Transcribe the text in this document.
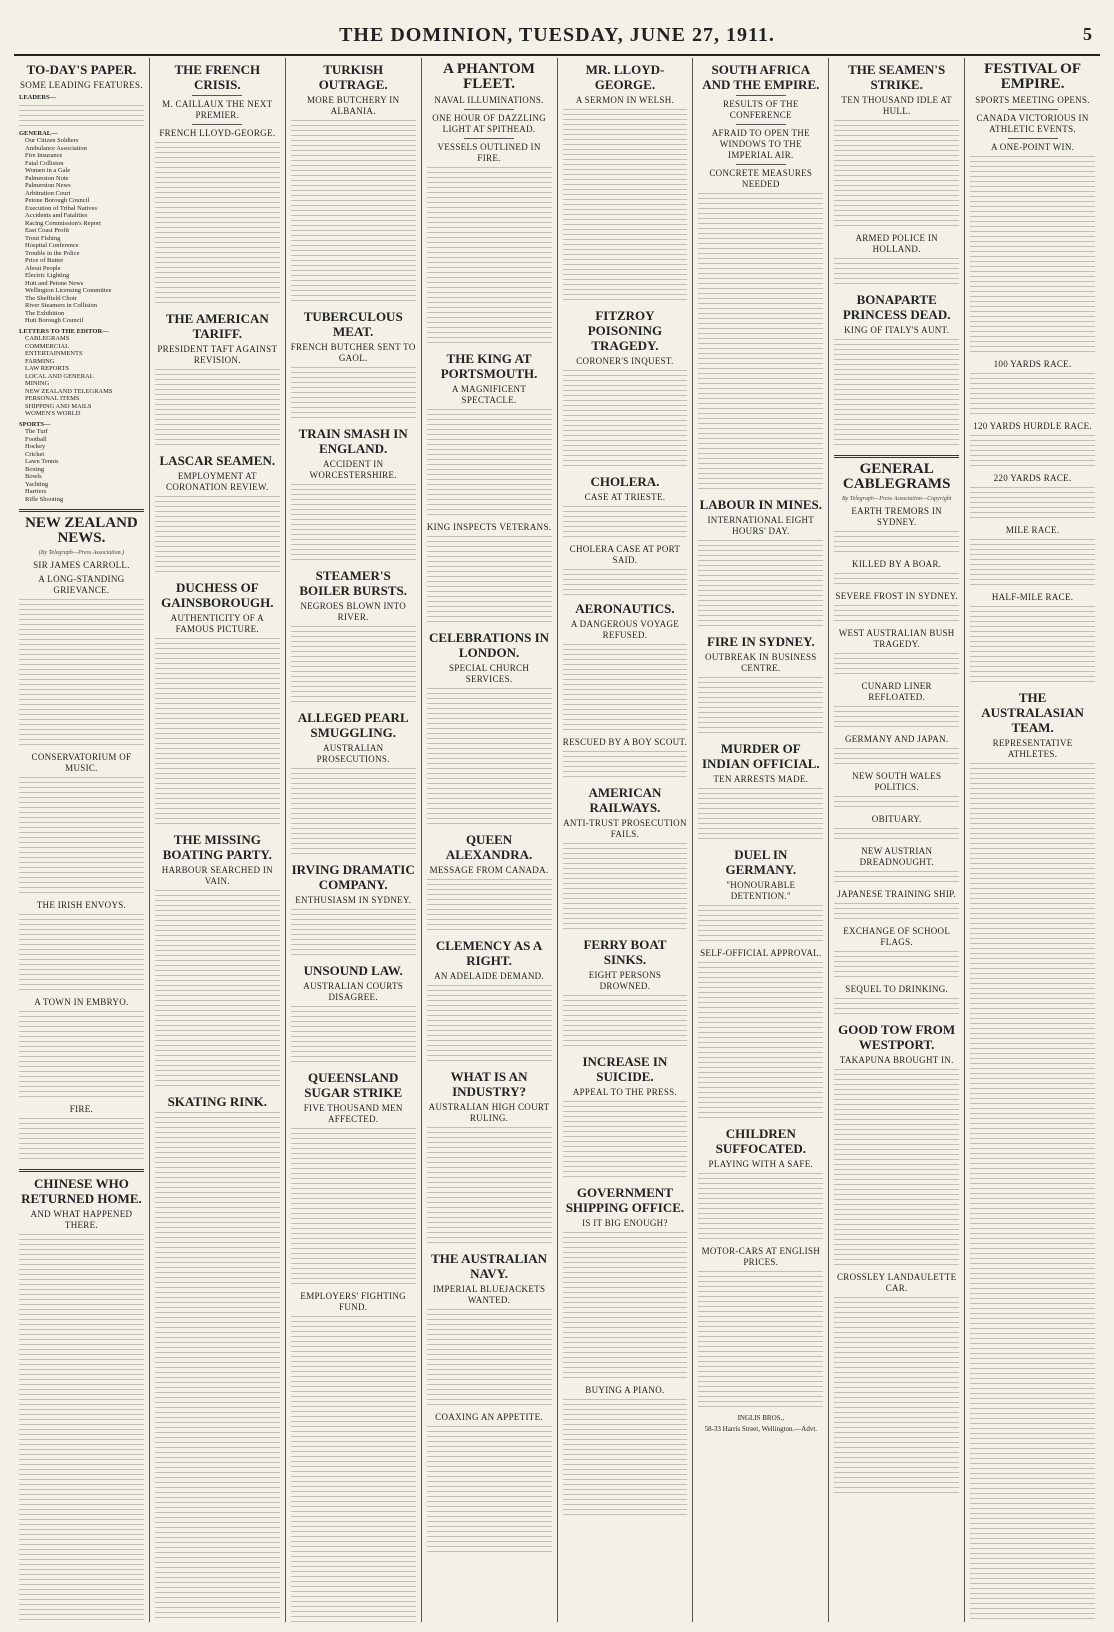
THE DOMINION, TUESDAY, JUNE 27, 1911.	5
TO-DAY'S PAPER.
SOME LEADING FEATURES.
LEADERS—
GENERAL—
Our Citizen Soldiers
Ambulance Association
Fire Insurance
Fatal Collision
Women in a Gale
Palmerston Note
Palmerston News
Arbitration Court
Petone Borough Council
Execution of Tribal Natives
Accidents and Fatalities
Racing Commission's Report
East Coast Profit
Trout Fishing
Hospital Conference
Trouble in the Police
Price of Butter
About People
Electric Lighting
Hutt and Petone News
Wellington Licensing Committee
The Sheffield Choir
River Steamers in Collision
The Exhibition
Hutt Borough Council
LETTERS TO THE EDITOR—
CABLEGRAMS
COMMERCIAL
ENTERTAINMENTS
FARMING
LAW REPORTS
LOCAL AND GENERAL
MINING
NEW ZEALAND TELEGRAMS
PERSONAL ITEMS
SHIPPING AND MAILS
WOMEN'S WORLD
SPORTS—
The Turf
Football
Hockey
Cricket
Lawn Tennis
Boxing
Bowls
Yachting
Harriers
Rifle Shooting
NEW ZEALAND NEWS.
(By Telegraph—Press Association.)
SIR JAMES CARROLL.
A LONG-STANDING GRIEVANCE.
CONSERVATORIUM OF MUSIC.
THE IRISH ENVOYS.
A TOWN IN EMBRYO.
FIRE.
CHINESE WHO RETURNED HOME.
AND WHAT HAPPENED THERE.
THE FRENCH CRISIS.
M. CAILLAUX THE NEXT PREMIER.
FRENCH LLOYD-GEORGE.
THE AMERICAN TARIFF.
PRESIDENT TAFT AGAINST REVISION.
LASCAR SEAMEN.
EMPLOYMENT AT CORONATION REVIEW.
DUCHESS OF GAINSBOROUGH.
AUTHENTICITY OF A FAMOUS PICTURE.
THE MISSING BOATING PARTY.
HARBOUR SEARCHED IN VAIN.
SKATING RINK.
TURKISH OUTRAGE.
MORE BUTCHERY IN ALBANIA.
TUBERCULOUS MEAT.
FRENCH BUTCHER SENT TO GAOL.
TRAIN SMASH IN ENGLAND.
ACCIDENT IN WORCESTERSHIRE.
STEAMER'S BOILER BURSTS.
NEGROES BLOWN INTO RIVER.
ALLEGED PEARL SMUGGLING.
AUSTRALIAN PROSECUTIONS.
IRVING DRAMATIC COMPANY.
ENTHUSIASM IN SYDNEY.
UNSOUND LAW.
AUSTRALIAN COURTS DISAGREE.
QUEENSLAND SUGAR STRIKE
FIVE THOUSAND MEN AFFECTED.
EMPLOYERS' FIGHTING FUND.
A PHANTOM FLEET.
NAVAL ILLUMINATIONS.
ONE HOUR OF DAZZLING LIGHT AT SPITHEAD.
VESSELS OUTLINED IN FIRE.
THE KING AT PORTSMOUTH.
A MAGNIFICENT SPECTACLE.
KING INSPECTS VETERANS.
CELEBRATIONS IN LONDON.
SPECIAL CHURCH SERVICES.
QUEEN ALEXANDRA.
MESSAGE FROM CANADA.
CLEMENCY AS A RIGHT.
AN ADELAIDE DEMAND.
WHAT IS AN INDUSTRY?
AUSTRALIAN HIGH COURT RULING.
THE AUSTRALIAN NAVY.
IMPERIAL BLUEJACKETS WANTED.
COAXING AN APPETITE.
MR. LLOYD-GEORGE.
A SERMON IN WELSH.
FITZROY POISONING TRAGEDY.
CORONER'S INQUEST.
CHOLERA.
CASE AT TRIESTE.
CHOLERA CASE AT PORT SAID.
AERONAUTICS.
A DANGEROUS VOYAGE REFUSED.
RESCUED BY A BOY SCOUT.
AMERICAN RAILWAYS.
ANTI-TRUST PROSECUTION FAILS.
FERRY BOAT SINKS.
EIGHT PERSONS DROWNED.
INCREASE IN SUICIDE.
APPEAL TO THE PRESS.
GOVERNMENT SHIPPING OFFICE.
IS IT BIG ENOUGH?
BUYING A PIANO.
SOUTH AFRICA AND THE EMPIRE.
RESULTS OF THE CONFERENCE
AFRAID TO OPEN THE WINDOWS TO THE IMPERIAL AIR.
CONCRETE MEASURES NEEDED
LABOUR IN MINES.
INTERNATIONAL EIGHT HOURS' DAY.
FIRE IN SYDNEY.
OUTBREAK IN BUSINESS CENTRE.
MURDER OF INDIAN OFFICIAL.
TEN ARRESTS MADE.
DUEL IN GERMANY.
"HONOURABLE DETENTION."
SELF-OFFICIAL APPROVAL.
CHILDREN SUFFOCATED.
PLAYING WITH A SAFE.
MOTOR-CARS AT ENGLISH PRICES.
INGLIS BROS.,
58-33 Harris Street, Wellington.—Advt.
THE SEAMEN'S STRIKE.
TEN THOUSAND IDLE AT HULL.
ARMED POLICE IN HOLLAND.
BONAPARTE PRINCESS DEAD.
KING OF ITALY'S AUNT.
GENERAL CABLEGRAMS
By Telegraph—Press Association—Copyright
EARTH TREMORS IN SYDNEY.
KILLED BY A BOAR.
SEVERE FROST IN SYDNEY.
WEST AUSTRALIAN BUSH TRAGEDY.
CUNARD LINER REFLOATED.
GERMANY AND JAPAN.
NEW SOUTH WALES POLITICS.
OBITUARY.
NEW AUSTRIAN DREADNOUGHT.
JAPANESE TRAINING SHIP.
EXCHANGE OF SCHOOL FLAGS.
SEQUEL TO DRINKING.
GOOD TOW FROM WESTPORT.
TAKAPUNA BROUGHT IN.
CROSSLEY LANDAULETTE CAR.
FESTIVAL OF EMPIRE.
SPORTS MEETING OPENS.
CANADA VICTORIOUS IN ATHLETIC EVENTS.
A ONE-POINT WIN.
100 YARDS RACE.
120 YARDS HURDLE RACE.
220 YARDS RACE.
MILE RACE.
HALF-MILE RACE.
THE AUSTRALASIAN TEAM.
REPRESENTATIVE ATHLETES.
